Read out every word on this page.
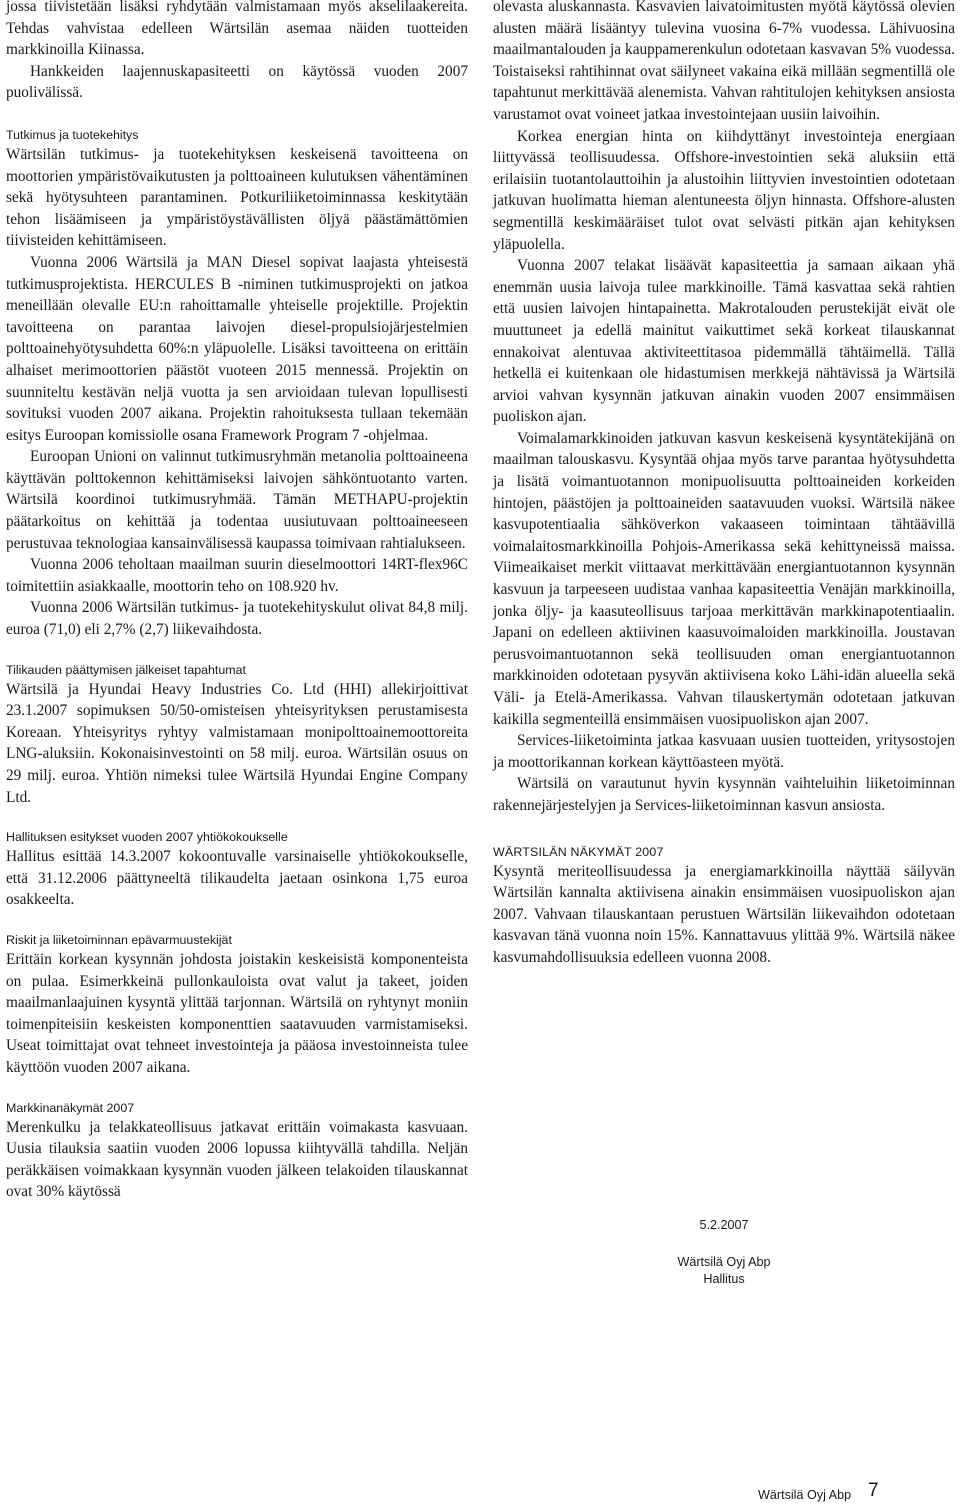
jossa tiivistetään lisäksi ryhdytään valmistamaan myös akselilaakereita. Tehdas vahvistaa edelleen Wärtsilän asemaa näiden tuotteiden markkinoilla Kiinassa.

Hankkeiden laajennuskapasiteetti on käytössä vuoden 2007 puolivälissä.

Tutkimus ja tuotekehitys

Wärtsilän tutkimus- ja tuotekehityksen keskeisenä tavoitteena on moottorien ympäristövaikutusten ja polttoaineen kulutuksen vähentäminen sekä hyötysuhteen parantaminen. Potkuriliiketoiminnassa keskitytään tehon lisäämiseen ja ympäristöystävällisten öljyä päästämättömien tiivisteiden kehittämiseen.

Vuonna 2006 Wärtsilä ja MAN Diesel sopivat laajasta yhteisestä tutkimusprojektista. HERCULES B -niminen tutkimusprojekti on jatkoa meneillään olevalle EU:n rahoittamalle yhteiselle projektille. Projektin tavoitteena on parantaa laivojen diesel-propulsiojärjestelmien polttoainehyötysuhdetta 60%:n yläpuolelle. Lisäksi tavoitteena on erittäin alhaiset merimoottorien päästöt vuoteen 2015 mennessä. Projektin on suunniteltu kestävän neljä vuotta ja sen arvioidaan tulevan lopullisesti sovituksi vuoden 2007 aikana. Projektin rahoituksesta tullaan tekemään esitys Euroopan komissiolle osana Framework Program 7 -ohjelmaa.

Euroopan Unioni on valinnut tutkimusryhmän metanolia polttoaineena käyttävän polttokennon kehittämiseksi laivojen sähköntuotanto varten. Wärtsilä koordinoi tutkimusryhmää. Tämän METHAPU-projektin päätarkoitus on kehittää ja todentaa uusiutuvaan polttoaineeseen perustuvaa teknologiaa kansainvälisessä kaupassa toimivaan rahtialukseen.

Vuonna 2006 teholtaan maailman suurin dieselmoottori 14RT-flex96C toimitettiin asiakkaalle, moottorin teho on 108.920 hv.

Vuonna 2006 Wärtsilän tutkimus- ja tuotekehityskulut olivat 84,8 milj. euroa (71,0) eli 2,7% (2,7) liikevaihdosta.

Tilikauden päättymisen jälkeiset tapahtumat

Wärtsilä ja Hyundai Heavy Industries Co. Ltd (HHI) allekirjoittivat 23.1.2007 sopimuksen 50/50-omisteisen yhteisyrityksen perustamisesta Koreaan. Yhteisyritys ryhtyy valmistamaan monipolttoainemoottoreita LNG-aluksiin. Kokonaisinvestointi on 58 milj. euroa. Wärtsilän osuus on 29 milj. euroa. Yhtiön nimeksi tulee Wärtsilä Hyundai Engine Company Ltd.

Hallituksen esitykset vuoden 2007 yhtiökokoukselle

Hallitus esittää 14.3.2007 kokoontuvalle varsinaiselle yhtiökokoukselle, että 31.12.2006 päättyneeltä tilikaudelta jaetaan osinkona 1,75 euroa osakkeelta.

Riskit ja liiketoiminnan epävarmuustekijät

Erittäin korkean kysynnän johdosta joistakin keskeisistä komponenteista on pulaa. Esimerkkeinä pullonkauloista ovat valut ja takeet, joiden maailmanlaajuinen kysyntä ylittää tarjonnan. Wärtsilä on ryhtynyt moniin toimenpiteisiin keskeisten komponenttien saatavuuden varmistamiseksi. Useat toimittajat ovat tehneet investointeja ja pääosa investoinneista tulee käyttöön vuoden 2007 aikana.

Markkinanäkymät 2007

Merenkulku ja telakkateollisuus jatkavat erittäin voimakasta kasvuaan. Uusia tilauksia saatiin vuoden 2006 lopussa kiihtyvällä tahdilla. Neljän peräkkäisen voimakkaan kysynnän vuoden jälkeen telakoiden tilauskannat ovat 30% käytössä

olevasta aluskannasta. Kasvavien laivatoimitusten myötä käytössä olevien alusten määrä lisääntyy tulevina vuosina 6-7% vuodessa. Lähivuosina maailmantalouden ja kauppamerenkulun odotetaan kasvavan 5% vuodessa. Toistaiseksi rahtihinnat ovat säilyneet vakaina eikä millään segmentillä ole tapahtunut merkittävää alenemista. Vahvan rahtitulojen kehityksen ansiosta varustamot ovat voineet jatkaa investointejaan uusiin laivoihin.

Korkea energian hinta on kiihdyttänyt investointeja energiaan liittyvässä teollisuudessa. Offshore-investointien sekä aluksiin että erilaisiin tuotantolauttoihin ja alustoihin liittyvien investointien odotetaan jatkuvan huolimatta hieman alentuneesta öljyn hinnasta. Offshore-alusten segmentillä keskimääräiset tulot ovat selvästi pitkän ajan kehityksen yläpuolella.

Vuonna 2007 telakat lisäävät kapasiteettia ja samaan aikaan yhä enemmän uusia laivoja tulee markkinoille. Tämä kasvattaa sekä rahtien että uusien laivojen hintapainetta. Makrotalouden perustekijät eivät ole muuttuneet ja edellä mainitut vaikuttimet sekä korkeat tilauskannat ennakoivat alentuvaa aktiviteettitasoa pidemmällä tähtäimellä. Tällä hetkellä ei kuitenkaan ole hidastumisen merkkejä nähtävissä ja Wärtsilä arvioi vahvan kysynnän jatkuvan ainakin vuoden 2007 ensimmäisen puoliskon ajan.

Voimalamarkkinoiden jatkuvan kasvun keskeisenä kysyntätekijänä on maailman talouskasvu. Kysyntää ohjaa myös tarve parantaa hyötysuhdetta ja lisätä voimantuotannon monipuolisuutta polttoaineiden korkeiden hintojen, päästöjen ja polttoaineiden saatavuuden vuoksi. Wärtsilä näkee kasvupotentiaalia sähköverkon vakaaseen toimintaan tähtäävillä voimalaitosmarkkinoilla Pohjois-Amerikassa sekä kehittyneissä maissa. Viimeaikaiset merkit viittaavat merkittävään energiantuotannon kysynnän kasvuun ja tarpeeseen uudistaa vanhaa kapasiteettia Venäjän markkinoilla, jonka öljy- ja kaasuteollisuus tarjoaa merkittävän markkinapotentiaalin. Japani on edelleen aktiivinen kaasuvoimaloiden markkinoilla. Joustavan perusvoimantuotannon sekä teollisuuden oman energiantuotannon markkinoiden odotetaan pysyvän aktiivisena koko Lähi-idän alueella sekä Väli- ja Etelä-Amerikassa. Vahvan tilauskertymän odotetaan jatkuvan kaikilla segmenteillä ensimmäisen vuosipuoliskon ajan 2007.

Services-liiketoiminta jatkaa kasvuaan uusien tuotteiden, yritysostojen ja moottorikannan korkean käyttöasteen myötä.

Wärtsilä on varautunut hyvin kysynnän vaihteluihin liiketoiminnan rakennejärjestelyjen ja Services-liiketoiminnan kasvun ansiosta.

WÄRTSILÄN NÄKYMÄT 2007

Kysyntä meriteollisuudessa ja energiamarkkinoilla näyttää säilyvän Wärtsilän kannalta aktiivisena ainakin ensimmäisen vuosipuoliskon ajan 2007. Vahvaan tilauskantaan perustuen Wärtsilän liikevaihdon odotetaan kasvavan tänä vuonna noin 15%. Kannattavuus ylittää 9%. Wärtsilä näkee kasvumahdollisuuksia edelleen vuonna 2008.

5.2.2007

Wärtsilä Oyj Abp

Hallitus

Wärtsilä Oyj Abp 7
